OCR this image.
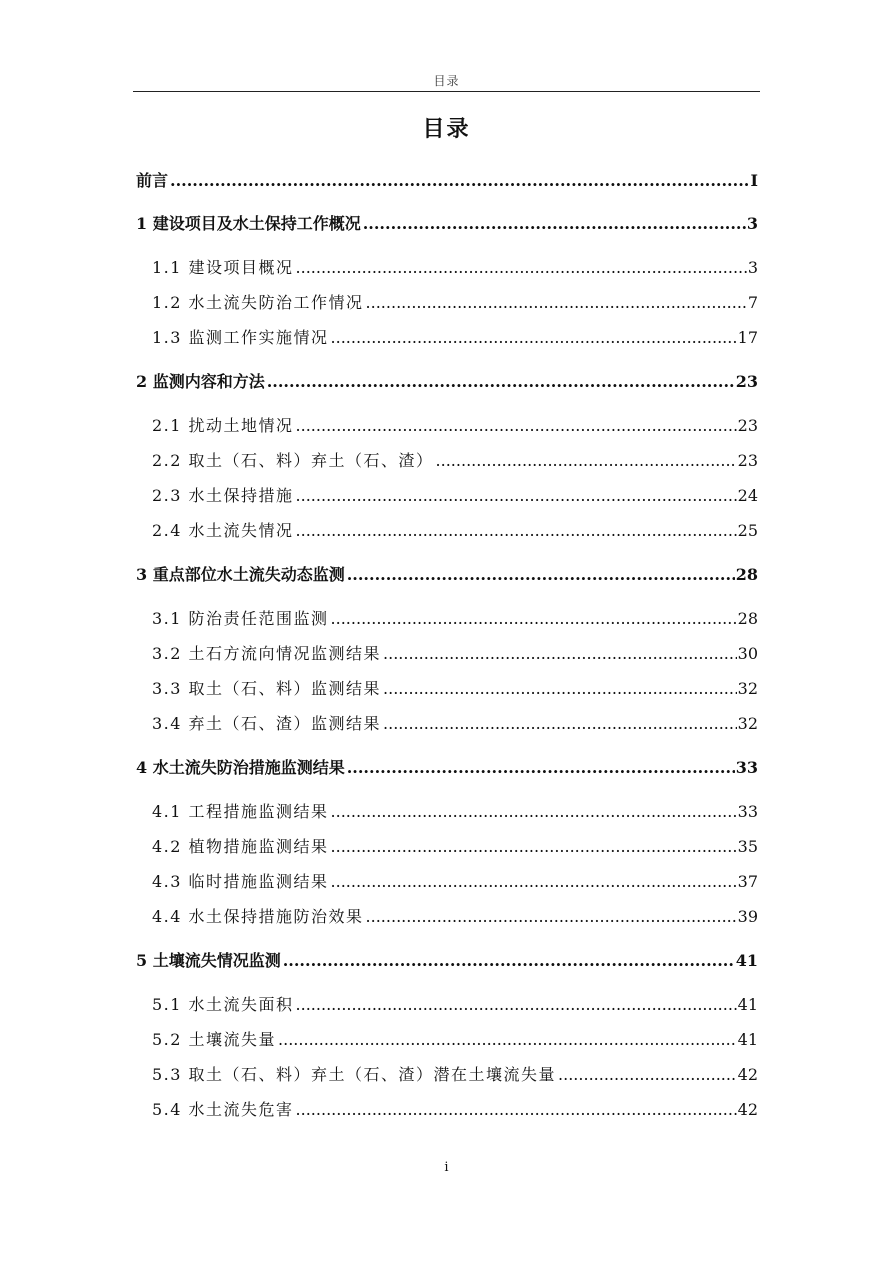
目录
目录
前言 .....	I
1 建设项目及水土保持工作概况 .....	3
1.1 建设项目概况 .....	3
1.2 水土流失防治工作情况 .....	7
1.3 监测工作实施情况 .....	17
2 监测内容和方法 .....	23
2.1 扰动土地情况 .....	23
2.2 取土（石、料）弃土（石、渣） .....	23
2.3 水土保持措施 .....	24
2.4 水土流失情况 .....	25
3 重点部位水土流失动态监测 .....	28
3.1 防治责任范围监测 .....	28
3.2 土石方流向情况监测结果 .....	30
3.3 取土（石、料）监测结果 .....	32
3.4 弃土（石、渣）监测结果 .....	32
4 水土流失防治措施监测结果 .....	33
4.1 工程措施监测结果 .....	33
4.2 植物措施监测结果 .....	35
4.3 临时措施监测结果 .....	37
4.4 水土保持措施防治效果 .....	39
5 土壤流失情况监测 .....	41
5.1 水土流失面积 .....	41
5.2 土壤流失量 .....	41
5.3 取土（石、料）弃土（石、渣）潜在土壤流失量 .....	42
5.4 水土流失危害 .....	42
i
